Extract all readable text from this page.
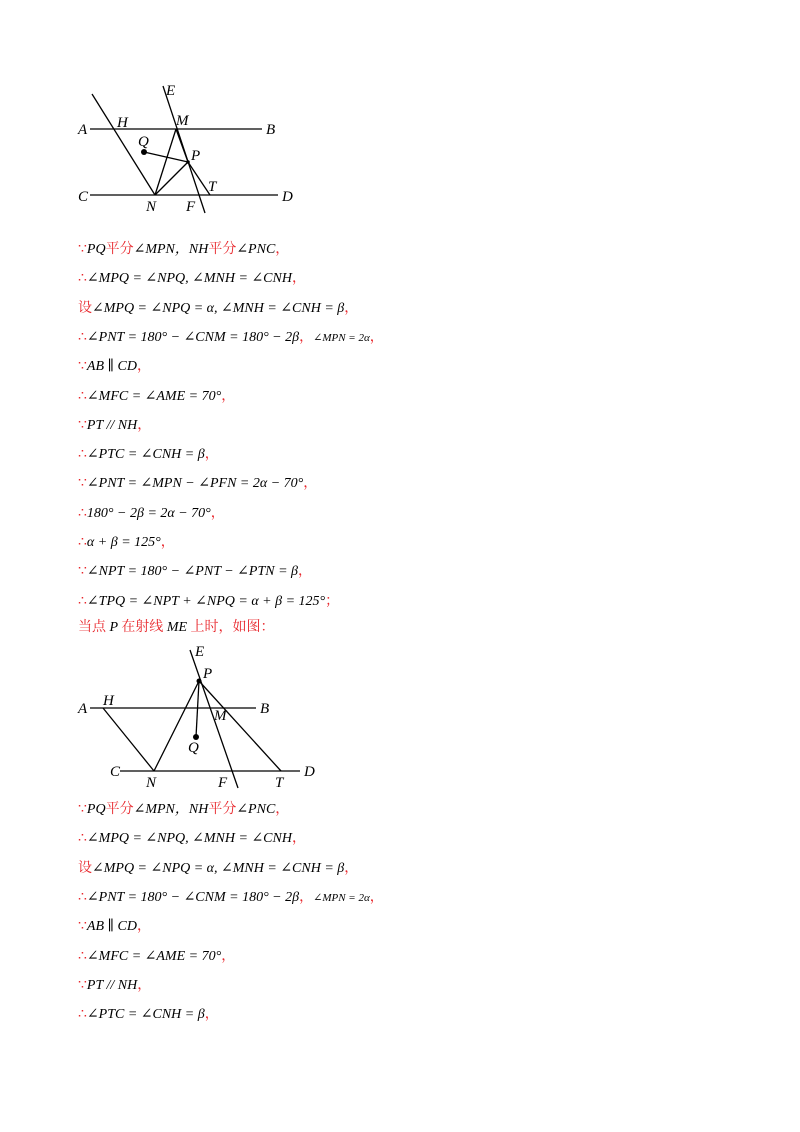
E
A H	M
B
Q
P
T
C
N F
D
∵PQ平分∠MPN，NH平分∠PNC，
∴∠MPQ = ∠NPQ, ∠MNH = ∠CNH，
设∠MPQ = ∠NPQ = α, ∠MNH = ∠CNH = β，
∴∠PNT = 180° − ∠CNM = 180° − 2β，∠MPN = 2α，
∵AB ∥ CD，
∴∠MFC = ∠AME = 70°，
∵PT // NH，
∴∠PTC = ∠CNH = β，
∵∠PNT = ∠MPN − ∠PFN = 2α − 70°，
∴180° − 2β = 2α − 70°，
∴α + β = 125°，
∵∠NPT = 180° − ∠PNT − ∠PTN = β，
∴∠TPQ = ∠NPT + ∠NPQ = α + β = 125°；
当点 P 在射线 ME 上时，如图：
E
P
A H
M B
Q
C
N	F	T
D
∵PQ平分∠MPN，NH平分∠PNC，
∴∠MPQ = ∠NPQ, ∠MNH = ∠CNH，
设∠MPQ = ∠NPQ = α, ∠MNH = ∠CNH = β，
∴∠PNT = 180° − ∠CNM = 180° − 2β，∠MPN = 2α，
∵AB ∥ CD，
∴∠MFC = ∠AME = 70°，
∵PT // NH，
∴∠PTC = ∠CNH = β，
